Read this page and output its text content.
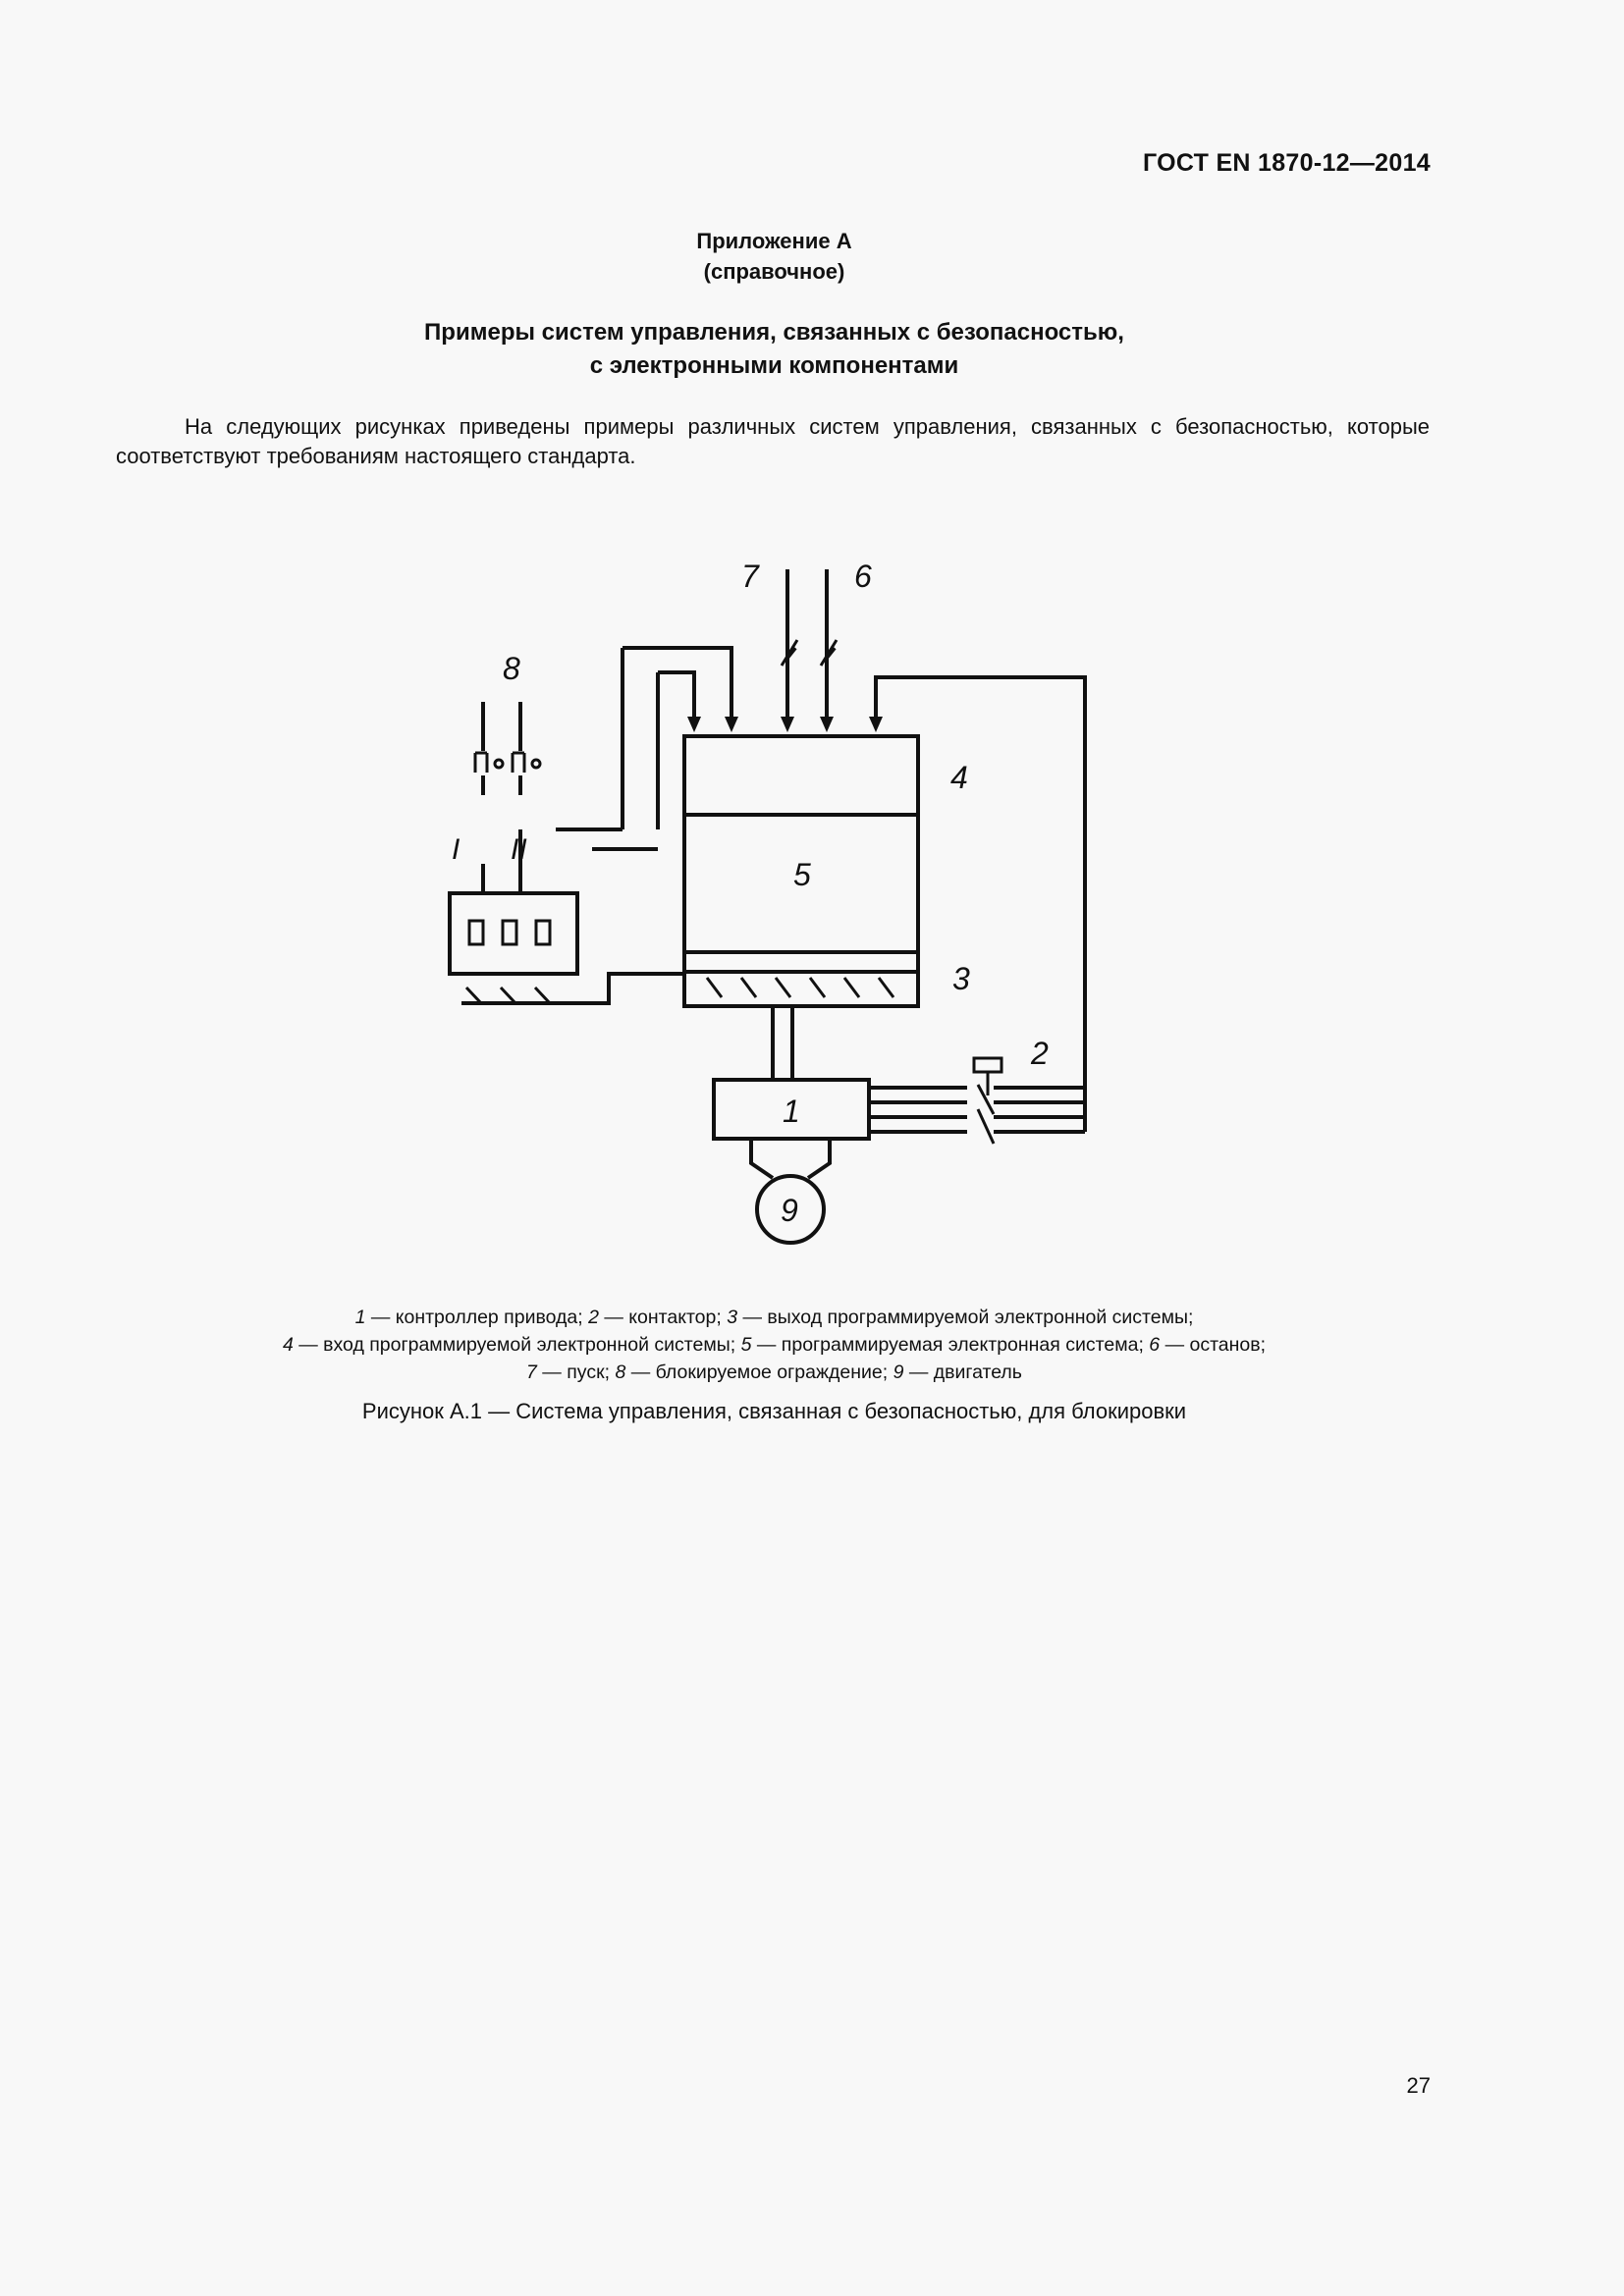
ГОСТ EN 1870-12—2014
Приложение А
(справочное)
Примеры систем управления, связанных с безопасностью,
с электронными компонентами
На следующих рисунках приведены примеры различных систем управления, связанных с безопасностью, которые соответствуют требованиям настоящего стандарта.
7	6
8
4
5
3
2
1
9
I II
1 — контроллер привода; 2 — контактор; 3 — выход программируемой электронной системы;
4 — вход программируемой электронной системы; 5 — программируемая электронная система; 6 — останов;
7 — пуск; 8 — блокируемое ограждение; 9 — двигатель
Рисунок А.1 — Система управления, связанная с безопасностью, для блокировки
27
